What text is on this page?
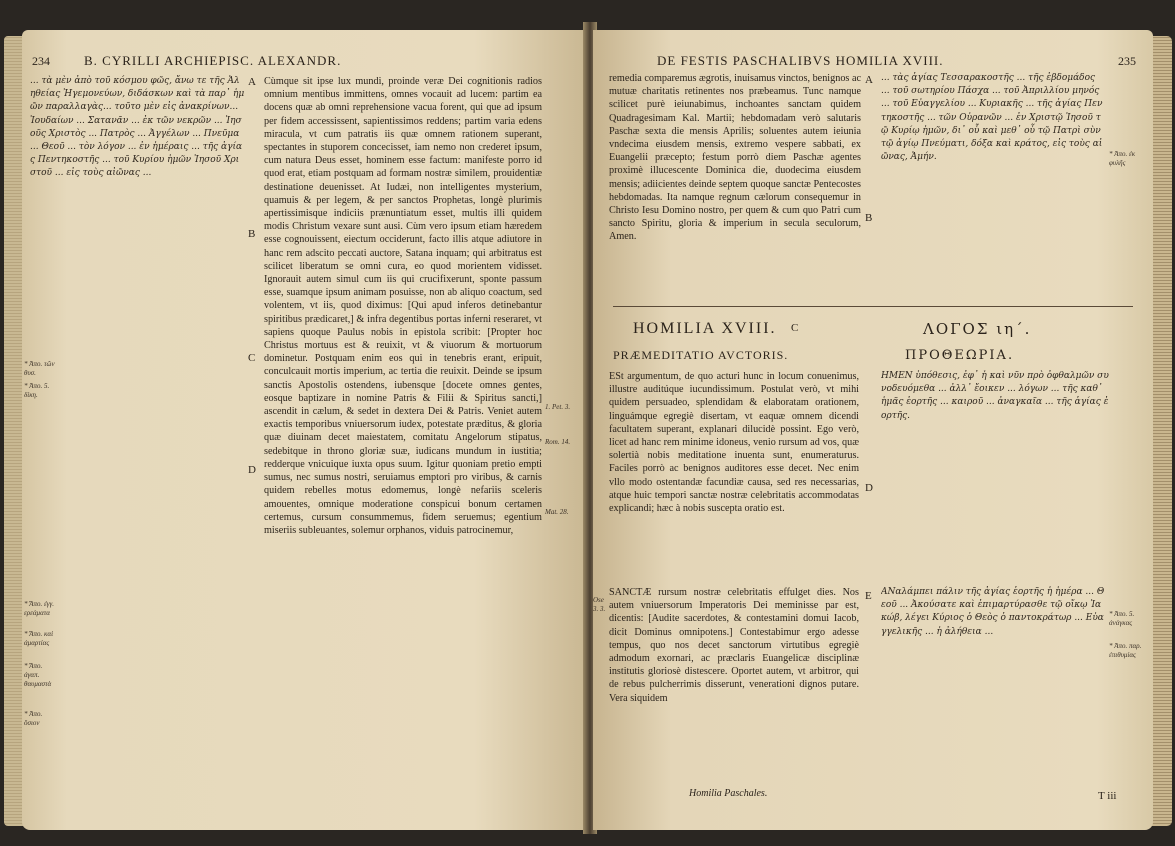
234	B. CYRILLI ARCHIEPISC. ALEXANDR.

... τὰ μὲν ἀπὸ τοῦ κόσμου φῶς, ἄνω τε τῆς Ἀληθείας Ἠγεμονεύων, διδάσκων καὶ τὰ παρ᾽ ἡμῶν παραλλαγὰς... τοῦτο μὲν εἰς ἀνακρίνων... Ἰουδαίων ... Σατανᾶν ... ἐκ τῶν νεκρῶν ... Ἰησοῦς Χριστὸς ... Πατρὸς ... Ἀγγέλων ... Πνεῦμα ... Θεοῦ ... τὸν λόγον ... ἐν ἡμέραις ... τῆς ἁγίας Πεντηκοστῆς ... τοῦ Κυρίου ἡμῶν Ἰησοῦ Χριστοῦ ... εἰς τοὺς αἰῶνας ...

* Ἀπο. τῶν θυσ.
* Ἀπο. 5. δίκη.
* Ἄπο. ἐγγ. ερεάματα
* Ἄπο. καὶ ἀμαρτίας
* Ἄπο. ἀγαπ. θαυμαστὰ
* Ἀπο. ὅσιον
A
B
C
D

Cùmque sit ipse lux mundi, proinde veræ Dei cognitionis radios omnium mentibus immittens, omnes vocauit ad lucem: partim ea docens quæ ab omni reprehensione vacua forent, qui que ad ipsum per fidem accessissent, sapientissimos reddens; partim varia edens miracula, vt cum patratis iis quæ omnem rationem superant, spectantes in stuporem concecisset, iam nemo non crederet ipsum, cum natura Deus esset, hominem esse factum: manifeste porro id quod erat, etiam postquam ad formam nostræ similem, prouidentiæ destinatione deuenisset. At Iudæi, non intelligentes mysterium, quamuis & per legem, & per sanctos Prophetas, longè plurimis apertissimisque indiciis prænuntiatum esset, multis illi quidem modis Christum vexare sunt ausi. Cùm vero ipsum etiam hæredem esse cognouissent, eiectum occiderunt, facto illis atque adiutore in hanc rem adscito peccati auctore, Satana inquam; qui arbitratus est scilicet liberatum se omni cura, eo quod morientem vidisset. Ignorauit autem simul cum iis qui crucifixerunt, sponte passum esse, suamque ipsum animam posuisse, non ab aliquo coactum, sed volentem, vt iis, quod diximus: [Qui apud inferos detinebantur spiritibus prædicaret,] & infra degentibus portas inferni reseraret, vt sapiens quoque Paulus nobis in epistola scribit: [Propter hoc Christus mortuus est & reuixit, vt & viuorum & mortuorum dominetur. Postquam enim eos qui in tenebris erant, eripuit, conculcauit mortis imperium, ac tertia die reuixit. Deinde se ipsum sanctis Apostolis ostendens, iubensque [docete omnes gentes, eosque baptizare in nomine Patris & Filii & Spiritus sancti,] ascendit in cælum, & sedet in dextera Dei & Patris. Veniet autem exactis temporibus vniuersorum iudex, potestate præditus, & gloria quæ diuinam decet maiestatem, comitatu Angelorum stipatus, sedebitque in throno gloriæ suæ, iudicans mundum in iustitia; redderque vnicuique iuxta opus suum. Igitur quoniam pretio empti sumus, nec sumus nostri, seruiamus emptori pro viribus, & carnis quidem rebelles motus edomemus, longè nefariis sceleris amouentes, omnique moderatione conspicui bonum certamen certemus, cursum consummemus, fidem seruemus; egentium miseriis subleuantes, solemur orphanos, viduis patrocinemur,

1. Pet. 3.
Rom. 14.
Mat. 28.
DE FESTIS PASCHALIBVS HOMILIA XVIII.	235

remedia comparemus ægrotis, inuisamus vinctos, benignos ac mutuæ charitatis retinentes nos præbeamus. Tunc namque scilicet purè ieiunabimus, inchoantes sanctam quidem Quadragesimam Kal. Martii; hebdomadam verò salutaris Paschæ sexta die mensis Aprilis; soluentes autem ieiunia vndecima eiusdem mensis, extremo vespere sabbati, ex Euangelii præcepto; festum porrò diem Paschæ agentes proximè illucescente Dominica die, duodecima eiusdem mensis; adiicientes deinde septem quoque sanctæ Pentecostes hebdomadas. Ita namque regnum cælorum consequemur in Christo Iesu Domino nostro, per quem & cum quo Patri cum sancto Spiritu, gloria & imperium in secula seculorum, Amen.

A
B

... τὰς ἁγίας Τεσσαρακοστῆς ... τῆς ἑβδομάδος ... τοῦ σωτηρίου Πάσχα ... τοῦ Ἀπριλλίου μηνός ... τοῦ Εὐαγγελίου ... Κυριακῆς ... τῆς ἁγίας Πεντηκοστῆς ... τῶν Οὐρανῶν ... ἐν Χριστῷ Ἰησοῦ τῷ Κυρίῳ ἡμῶν, δι᾽ οὗ καὶ μεθ᾽ οὗ τῷ Πατρὶ σὺν τῷ ἁγίῳ Πνεύματι, δόξα καὶ κράτος, εἰς τοὺς αἰῶνας, Ἀμήν.	* Ἀπο. ἐκ φυλῆς
HOMILIA XVIII. C	ΛΟΓΟΣ ιη΄.
PRÆMEDITATIO AVCTORIS.	ΠΡΟΘΕΩΡΙΑ.

ESt argumentum, de quo acturi hunc in locum conuenimus, illustre auditúque iucundissimum. Postulat verò, vt mihi quidem persuadeo, splendidam & elaboratam orationem, linguámque egregiè disertam, vt eaquæ omnem dicendi facultatem superant, explanari dilucidè possint. Ego verò, licet ad hanc rem minime idoneus, venio rursum ad vos, quæ solertià nobis meditatione inuenta sunt, enumeraturus. Faciles porrò ac benignos auditores esse decet. Nec enim vllo modo ostentandæ facundiæ causa, sed res necessarias, atque huic tempori sanctæ nostræ celebritatis accommodatas explicandi; hæc à nobis suscepta oratio est.

D

ΗΜΕΝ ὑπόθεσις, ἐφ᾽ ἧ καὶ νῦν πρὸ ὀφθαλμῶν συνοδευόμεθα ... ἀλλ᾽ ἔοικεν ... λόγων ... τῆς καθ᾽ ἡμᾶς ἑορτῆς ... καιροῦ ... ἀναγκαῖα ... τῆς ἁγίας ἑορτῆς.

SANCTÆ rursum nostræ celebritatis effulget dies. Nos autem vniuersorum Imperatoris Dei meminisse par est, dicentis: [Audite sacerdotes, & contestamini domui Iacob, dicit Dominus omnipotens.] Contestabimur ergo adesse tempus, quo nos decet sanctorum virtutibus egregiè admodum exornari, ac præclaris Euangelicæ disciplinæ institutis gloriosè distescere. Oportet autem, vt arbitror, qui de rebus pulcherrimis disserunt, venerationi dignos putare. Vera siquidem

Homilia Paschales.
Ose 3. 3.
E ΑΝαλάμπει πάλιν τῆς ἁγίας ἑορτῆς ἡ ἡμέρα ... Θεοῦ ... Ἀκούσατε καὶ ἐπιμαρτύρασθε τῷ οἴκῳ Ἰακώβ, λέγει Κύριος ὁ Θεὸς ὁ παντοκράτωρ ... Εὐαγγελικῆς ... ἡ ἀλήθεια ...

* Ἀπο. 5. ἀνάγκας
* Ἀπο. παρ. ἐπιθυμίας
T iii
